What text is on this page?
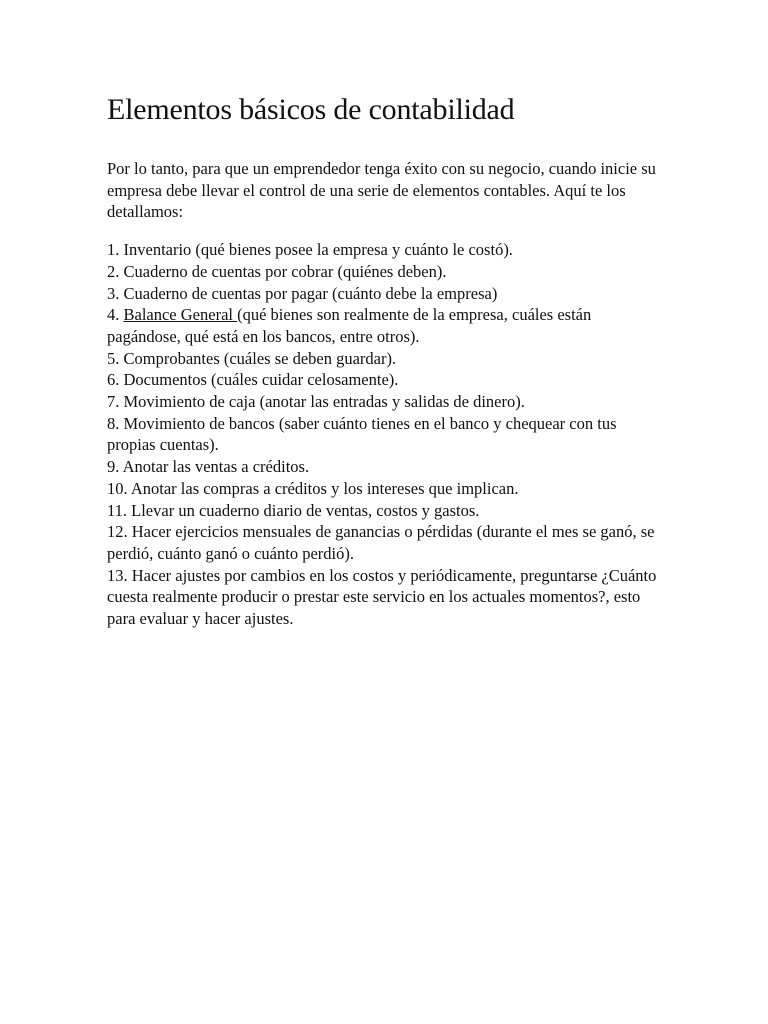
Elementos básicos de contabilidad

Por lo tanto, para que un emprendedor tenga éxito con su negocio, cuando inicie su empresa debe llevar el control de una serie de elementos contables. Aquí te los detallamos:

1. Inventario (qué bienes posee la empresa y cuánto le costó).
2. Cuaderno de cuentas por cobrar (quiénes deben).
3. Cuaderno de cuentas por pagar (cuánto debe la empresa)
4. Balance General (qué bienes son realmente de la empresa, cuáles están pagándose, qué está en los bancos, entre otros).
5. Comprobantes (cuáles se deben guardar).
6. Documentos (cuáles cuidar celosamente).
7. Movimiento de caja (anotar las entradas y salidas de dinero).
8. Movimiento de bancos (saber cuánto tienes en el banco y chequear con tus propias cuentas).
9. Anotar las ventas a créditos.
10. Anotar las compras a créditos y los intereses que implican.
11. Llevar un cuaderno diario de ventas, costos y gastos.
12. Hacer ejercicios mensuales de ganancias o pérdidas (durante el mes se ganó, se perdió, cuánto ganó o cuánto perdió).
13. Hacer ajustes por cambios en los costos y periódicamente, preguntarse ¿Cuánto cuesta realmente producir o prestar este servicio en los actuales momentos?, esto para evaluar y hacer ajustes.
